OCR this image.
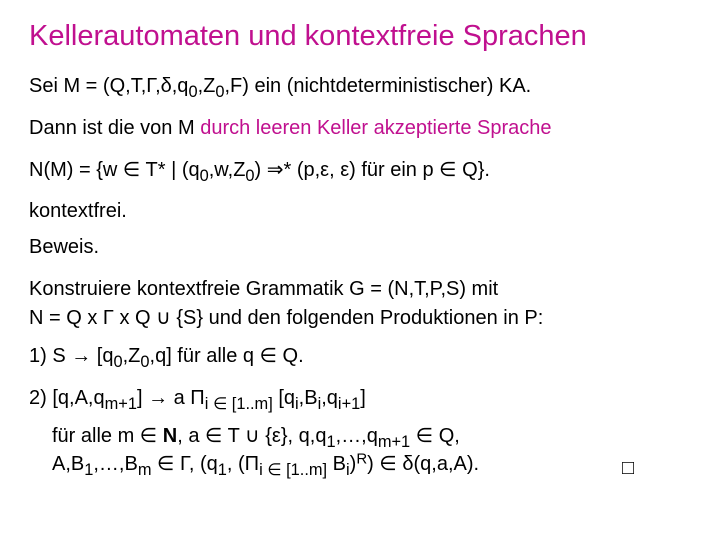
Kellerautomaten und kontextfreie Sprachen
Sei $M = (Q,T,\Gamma,\delta,q_0,Z_0,F)$ ein (nichtdeterministischer) KA.
Dann ist die von M durch leeren Keller akzeptierte Sprache
N(M) = {w ∈ T* | $(q_0,w,Z_0)$ ⇒* (p,ε, ε) für ein p ∈ Q}.
kontextfrei.
Beweis.
Konstruiere kontextfreie Grammatik G = (N,T,P,S) mit
N = Q x Γ x Q ∪ {S} und den folgenden Produktionen in P:
1) $S \to [q_0,Z_0,q]$ für alle q ∈ Q.
2) $[q,A,q_{m+1}] \to a$ $\Pi_{i \in [1..m]}$ $[q_i,B_i,q_{i+1}]$
für alle m ∈ N, a ∈ T ∪ {ε}, $q,q_1,\dots,q_{m+1}$ ∈ Q,
$A,B_1,\dots,B_m$ ∈ Γ, ($q_1$, ($\Pi_{i \in [1..m]}$ $B_i)^R$) ∈ δ(q,a,A).	□
